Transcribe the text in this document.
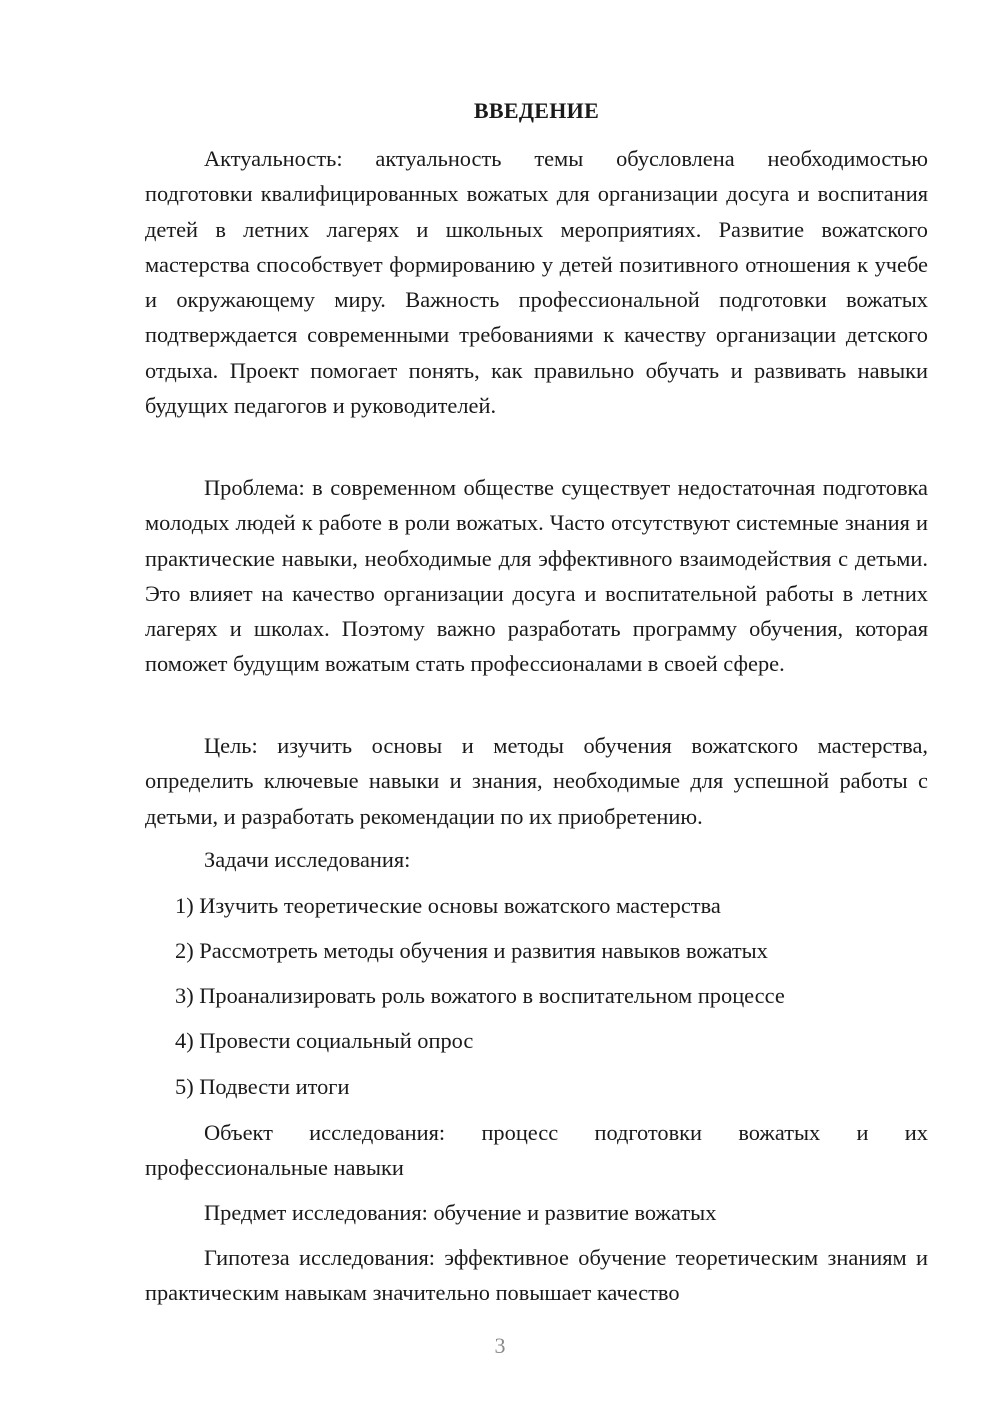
ВВЕДЕНИЕ

Актуальность: актуальность темы обусловлена необходимостью подготовки квалифицированных вожатых для организации досуга и воспитания детей в летних лагерях и школьных мероприятиях. Развитие вожатского мастерства способствует формированию у детей позитивного отношения к учебе и окружающему миру. Важность профессиональной подготовки вожатых подтверждается современными требованиями к качеству организации детского отдыха. Проект помогает понять, как правильно обучать и развивать навыки будущих педагогов и руководителей.

Проблема: в современном обществе существует недостаточная подготовка молодых людей к работе в роли вожатых. Часто отсутствуют системные знания и практические навыки, необходимые для эффективного взаимодействия с детьми. Это влияет на качество организации досуга и воспитательной работы в летних лагерях и школах. Поэтому важно разработать программу обучения, которая поможет будущим вожатым стать профессионалами в своей сфере.

Цель: изучить основы и методы обучения вожатского мастерства, определить ключевые навыки и знания, необходимые для успешной работы с детьми, и разработать рекомендации по их приобретению.

Задачи исследования:
1) Изучить теоретические основы вожатского мастерства
2) Рассмотреть методы обучения и развития навыков вожатых
3) Проанализировать роль вожатого в воспитательном процессе
4) Провести социальный опрос
5) Подвести итоги

Объект исследования: процесс подготовки вожатых и их профессиональные навыки

Предмет исследования: обучение и развитие вожатых

Гипотеза исследования: эффективное обучение теоретическим знаниям и практическим навыкам значительно повышает качество

3
